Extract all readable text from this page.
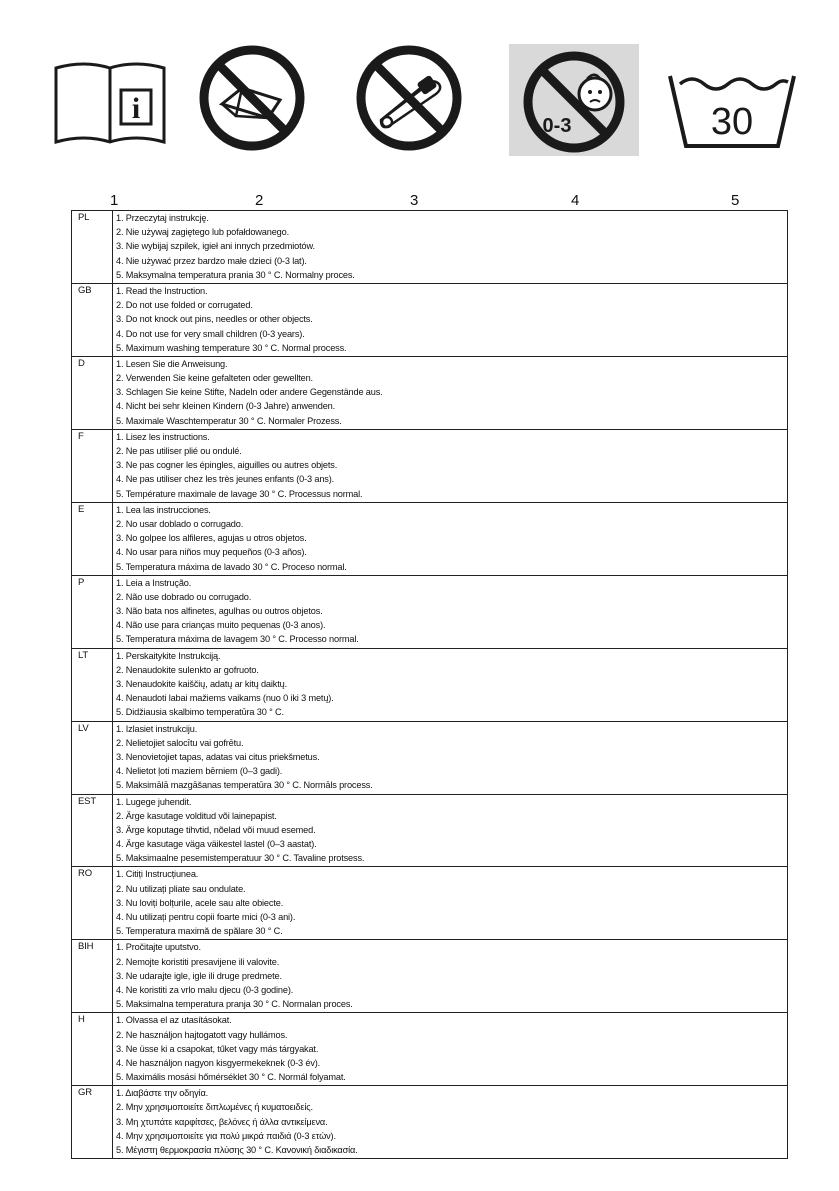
i
0-3	30
1	2	3	4	5
PL	1. Przeczytaj instrukcję.
2. Nie używaj zagiętego lub pofałdowanego.
3. Nie wybijaj szpilek, igieł ani innych przedmiotów.
4. Nie używać przez bardzo małe dzieci (0-3 lat).
5. Maksymalna temperatura prania 30 ° C. Normalny proces.

GB	1. Read the Instruction.
2. Do not use folded or corrugated.
3. Do not knock out pins, needles or other objects.
4. Do not use for very small children (0-3 years).
5. Maximum washing temperature 30 ° C. Normal process.

D	1. Lesen Sie die Anweisung.
2. Verwenden Sie keine gefalteten oder gewellten.
3. Schlagen Sie keine Stifte, Nadeln oder andere Gegenstände aus.
4. Nicht bei sehr kleinen Kindern (0-3 Jahre) anwenden.
5. Maximale Waschtemperatur 30 ° C. Normaler Prozess.

F	1. Lisez les instructions.
2. Ne pas utiliser plié ou ondulé.
3. Ne pas cogner les épingles, aiguilles ou autres objets.
4. Ne pas utiliser chez les très jeunes enfants (0-3 ans).
5. Température maximale de lavage 30 ° C. Processus normal.

E	1. Lea las instrucciones.
2. No usar doblado o corrugado.
3. No golpee los alfileres, agujas u otros objetos.
4. No usar para niños muy pequeños (0-3 años).
5. Temperatura máxima de lavado 30 ° C. Proceso normal.

P	1. Leia a Instrução.
2. Não use dobrado ou corrugado.
3. Não bata nos alfinetes, agulhas ou outros objetos.
4. Não use para crianças muito pequenas (0-3 anos).
5. Temperatura máxima de lavagem 30 ° C. Processo normal.

LT	1. Perskaitykite Instrukciją.
2. Nenaudokite sulenkto ar gofruoto.
3. Nenaudokite kaiščių, adatų ar kitų daiktų.
4. Nenaudoti labai mažiems vaikams (nuo 0 iki 3 metų).
5. Didžiausia skalbimo temperatūra 30 ° C.

LV	1. Izlasiet instrukciju.
2. Nelietojiet salocītu vai gofrētu.
3. Nenovietojiet tapas, adatas vai citus priekšmetus.
4. Nelietot ļoti maziem bērniem (0–3 gadi).
5. Maksimālā mazgāšanas temperatūra 30 ° C. Normāls process.

EST	1. Lugege juhendit.
2. Ärge kasutage volditud või lainepapist.
3. Ärge koputage tihvtid, nõelad või muud esemed.
4. Ärge kasutage väga väikestel lastel (0–3 aastat).
5. Maksimaalne pesemistemperatuur 30 ° C. Tavaline protsess.

RO	1. Citiți Instrucțiunea.
2. Nu utilizați pliate sau ondulate.
3. Nu loviți bolțurile, acele sau alte obiecte.
4. Nu utilizați pentru copii foarte mici (0-3 ani).
5. Temperatura maximă de spălare 30 ° C.

BIH	1. Pročitajte uputstvo.
2. Nemojte koristiti presavijene ili valovite.
3. Ne udarajte igle, igle ili druge predmete.
4. Ne koristiti za vrlo malu djecu (0-3 godine).
5. Maksimalna temperatura pranja 30 ° C. Normalan proces.

H	1. Olvassa el az utasításokat.
2. Ne használjon hajtogatott vagy hullámos.
3. Ne üsse ki a csapokat, tűket vagy más tárgyakat.
4. Ne használjon nagyon kisgyermekeknek (0-3 év).
5. Maximális mosási hőmérséklet 30 ° C. Normál folyamat.

GR	1. Διαβάστε την οδηγία.
2. Μην χρησιμοποιείτε διπλωμένες ή κυματοειδείς.
3. Μη χτυπάτε καρφίτσες, βελόνες ή άλλα αντικείμενα.
4. Μην χρησιμοποιείτε για πολύ μικρά παιδιά (0-3 ετών).
5. Μέγιστη θερμοκρασία πλύσης 30 ° C. Κανονική διαδικασία.
